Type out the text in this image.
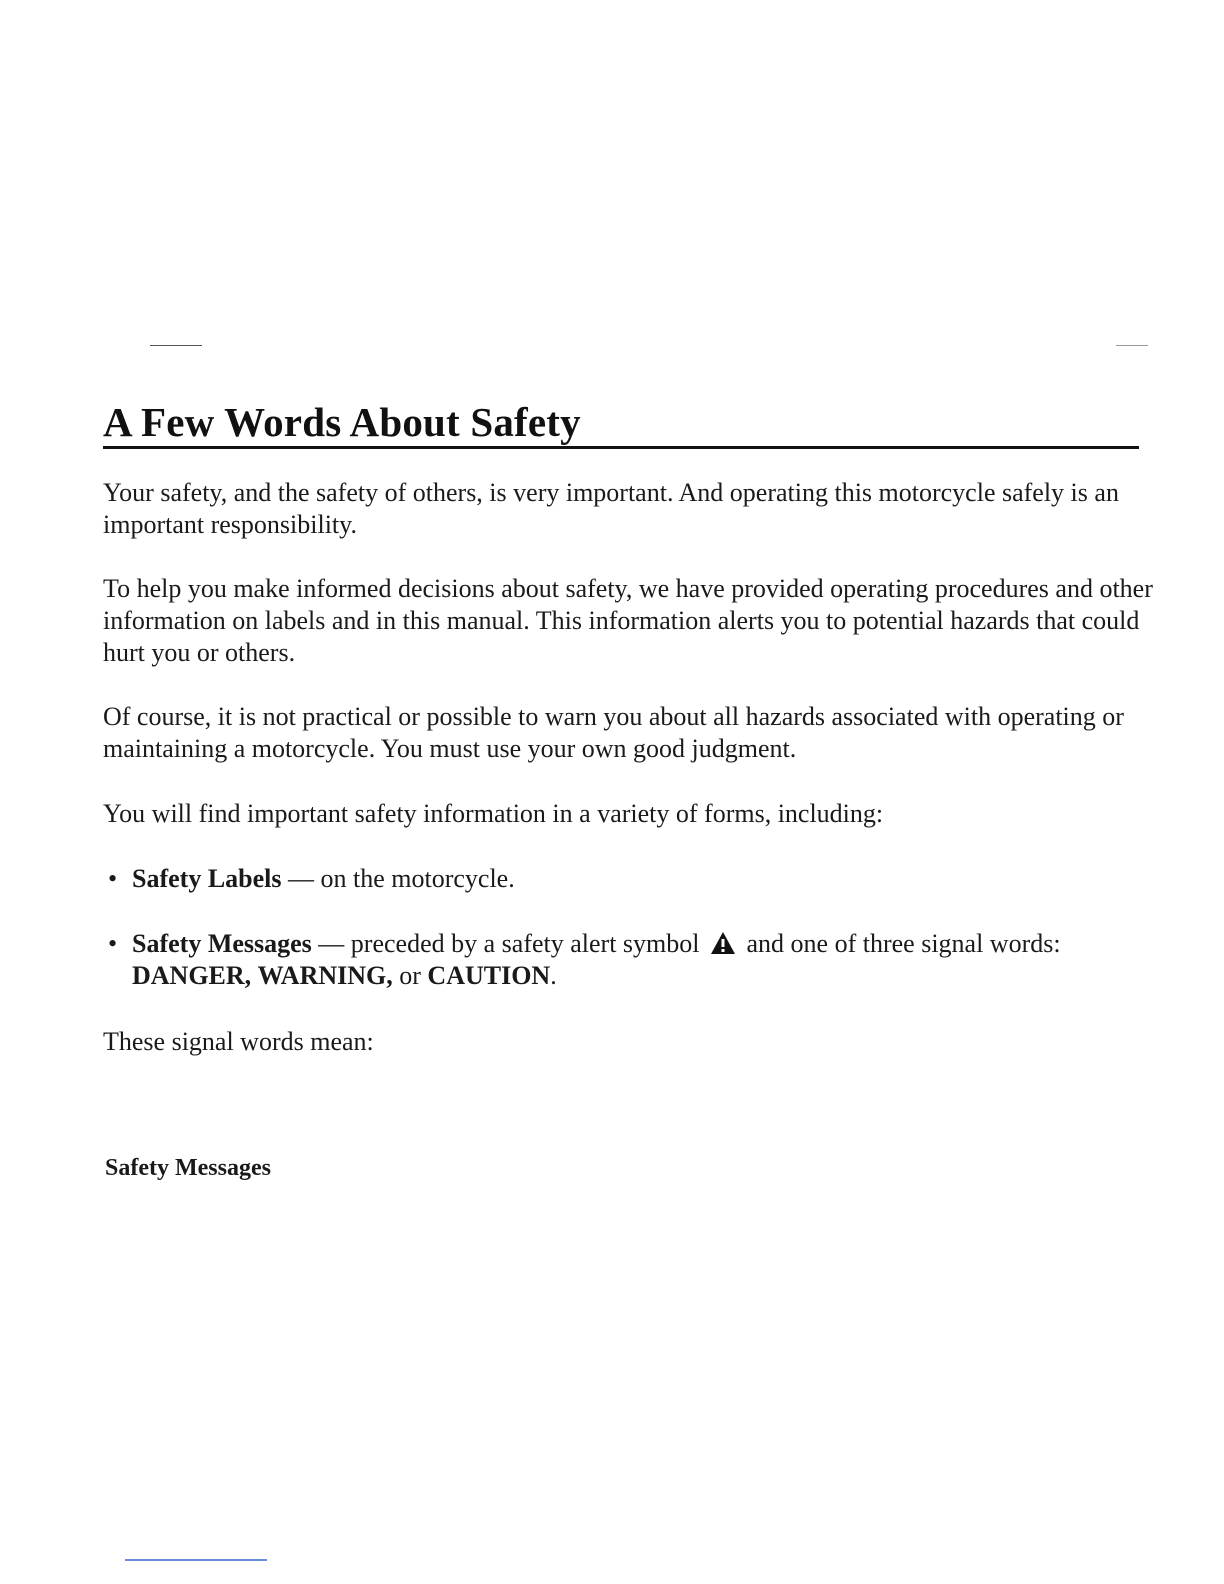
A Few Words About Safety

Your safety, and the safety of others, is very important. And operating this motorcycle safely is an important responsibility.

To help you make informed decisions about safety, we have provided operating procedures and other information on labels and in this manual. This information alerts you to potential hazards that could hurt you or others.

Of course, it is not practical or possible to warn you about all hazards associated with operating or maintaining a motorcycle. You must use your own good judgment.

You will find important safety information in a variety of forms, including:

• Safety Labels — on the motorcycle.

• Safety Messages — preceded by a safety alert symbol  and one of three signal words:
DANGER, WARNING, or CAUTION.

These signal words mean:

Safety Messages
